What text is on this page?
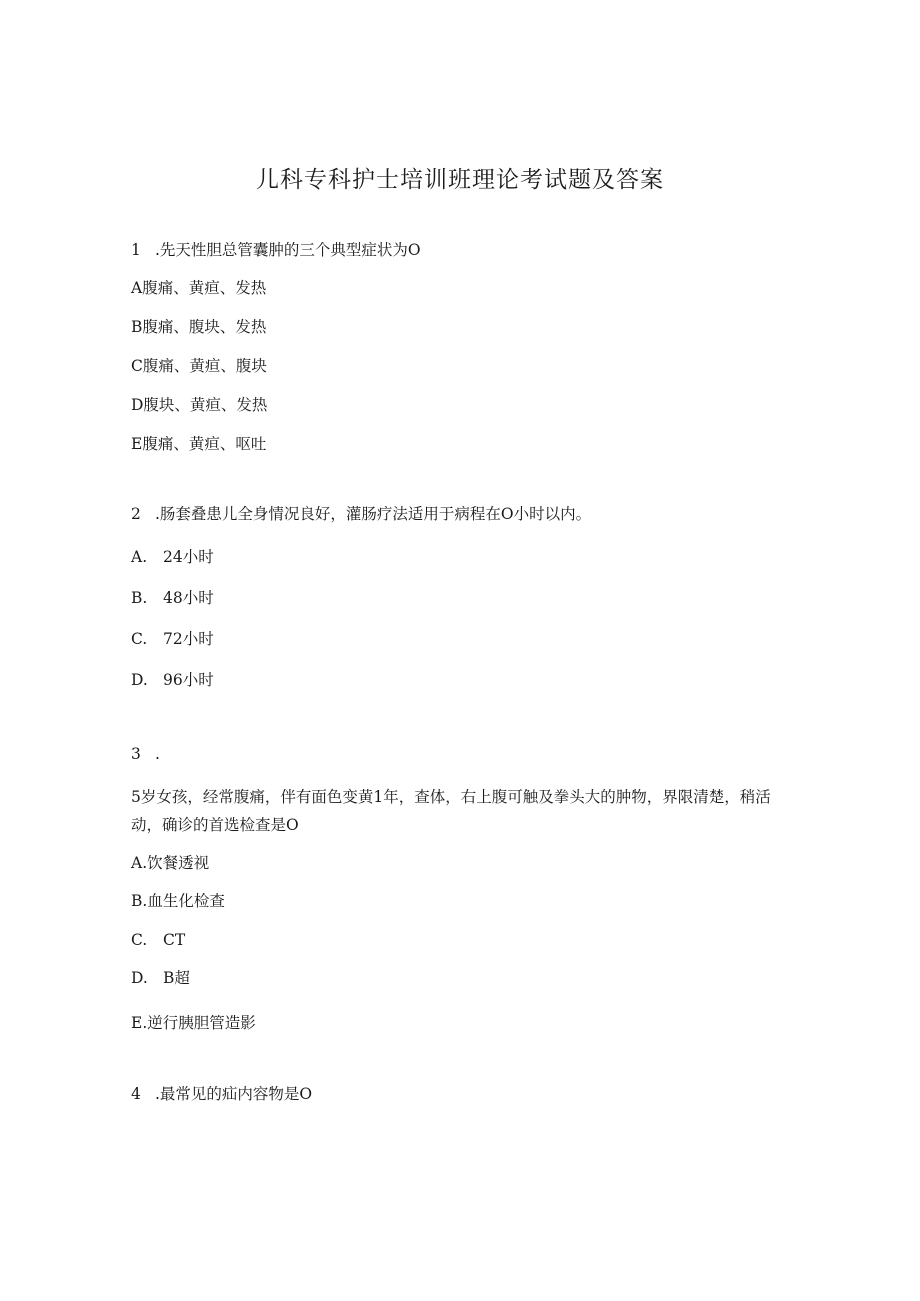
儿科专科护士培训班理论考试题及答案
1 .先天性胆总管囊肿的三个典型症状为O
A腹痛、黄疸、发热
B腹痛、腹块、发热
C腹痛、黄疸、腹块
D腹块、黄疸、发热
E腹痛、黄疸、呕吐
2 .肠套叠患儿全身情况良好，灌肠疗法适用于病程在O小时以内。
A. 24小时
B. 48小时
C. 72小时
D. 96小时
3 .
5岁女孩，经常腹痛，伴有面色变黄1年，查体，右上腹可触及拳头大的肿物，界限清楚，稍活动，确诊的首选检查是O
A.饮餐透视
B.血生化检查
C. CT
D. B超
E.逆行胰胆管造影
4 .最常见的疝内容物是O
